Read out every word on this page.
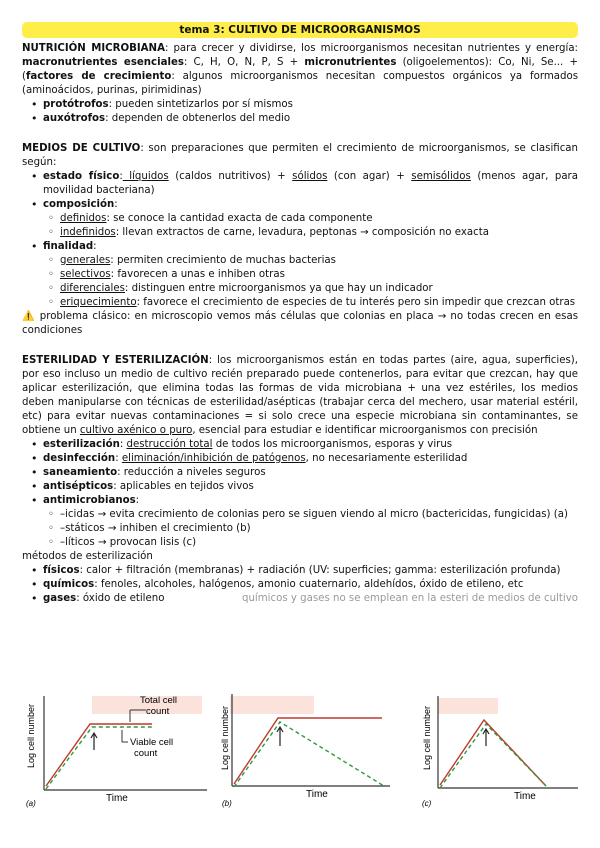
tema 3: CULTIVO DE MICROORGANISMOS

NUTRICIÓN MICROBIANA: para crecer y dividirse, los microorganismos necesitan nutrientes y energía: macronutrientes esenciales: C, H, O, N, P, S + micronutrientes (oligoelementos): Co, Ni, Se... + (factores de crecimiento: algunos microorganismos necesitan compuestos orgánicos ya formados (aminoácidos, purinas, pirimidinas)

• protótrofos: pueden sintetizarlos por sí mismos
• auxótrofos: dependen de obtenerlos del medio

MEDIOS DE CULTIVO: son preparaciones que permiten el crecimiento de microorganismos, se clasifican según:

• estado físico: líquidos (caldos nutritivos) + sólidos (con agar) + semisólidos (menos agar, para movilidad bacteriana)

• composición:
◦ definidos: se conoce la cantidad exacta de cada componente
◦ indefinidos: llevan extractos de carne, levadura, peptonas → composición no exacta
• finalidad:
◦ generales: permiten crecimiento de muchas bacterias
◦ selectivos: favorecen a unas e inhiben otras
◦ diferenciales: distinguen entre microorganismos ya que hay un indicador

◦ eriquecimiento: favorece el crecimiento de especies de tu interés pero sin impedir que crezcan otras

⚠️ problema clásico: en microscopio vemos más células que colonias en placa → no todas crecen en esas condiciones

ESTERILIDAD Y ESTERILIZACIÓN: los microorganismos están en todas partes (aire, agua, superficies), por eso incluso un medio de cultivo recién preparado puede contenerlos, para evitar que crezcan, hay que aplicar esterilización, que elimina todas las formas de vida microbiana + una vez estériles, los medios deben manipularse con técnicas de esterilidad/asépticas (trabajar cerca del mechero, usar material estéril, etc) para evitar nuevas contaminaciones = si solo crece una especie microbiana sin contaminantes, se obtiene un cultivo axénico o puro, esencial para estudiar e identificar microorganismos con precisión

• esterilización: destrucción total de todos los microorganismos, esporas y virus
• desinfección: eliminación/inhibición de patógenos, no necesariamente esterilidad
• saneamiento: reducción a niveles seguros
• antisépticos: aplicables en tejidos vivos
• antimicrobianos:
◦ –icidas → evita crecimiento de colonias pero se siguen viendo al micro (bactericidas, fungicidas) (a)
◦ –státicos → inhiben el crecimiento (b)
◦ –líticos → provocan lisis (c)
métodos de esterilización
• físicos: calor + filtración (membranas) + radiación (UV: superficies; gamma: esterilización profunda)
• químicos: fenoles, alcoholes, halógenos, amonio cuaternario, aldehídos, óxido de etileno, etc
• gases: óxido de etileno	químicos y gases no se emplean en la esteri de medios de cultivo
Log cell number
Time
Total cell
count
Viable cell
count
(a)
Log cell number
Time
(b)
Log cell number
Time
(c)
